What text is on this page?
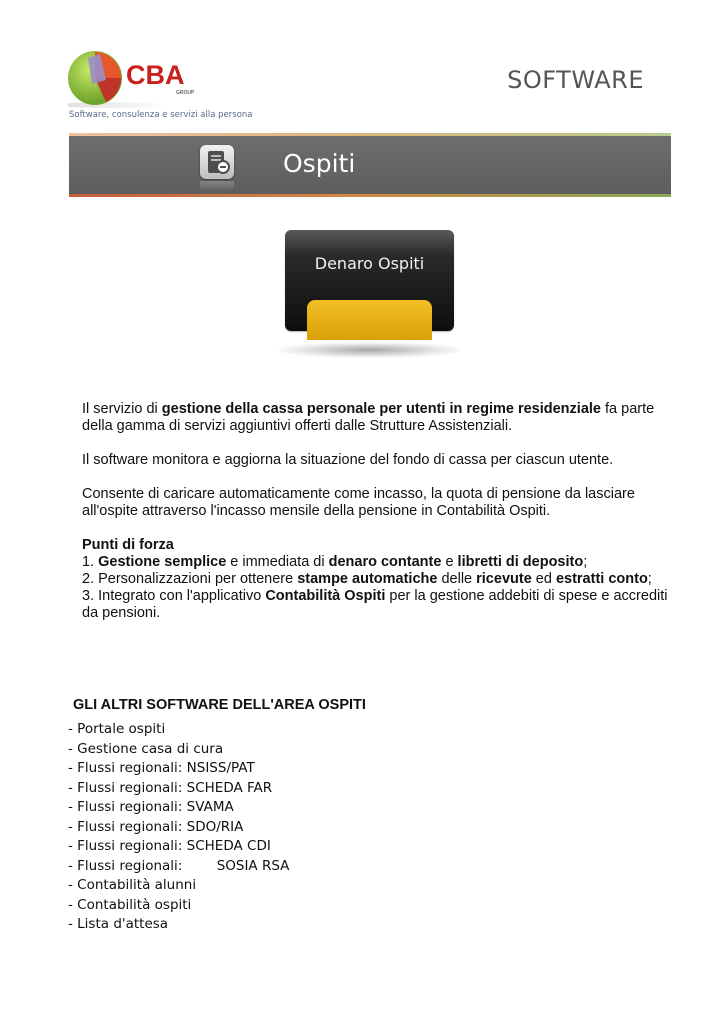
CBA
GROUP
Software, consulenza e servizi alla persona
SOFTWARE
Ospiti
Denaro Ospiti

Il servizio di gestione della cassa personale per utenti in regime residenziale fa parte della gamma di servizi aggiuntivi offerti dalle Strutture Assistenziali.

Il software monitora e aggiorna la situazione del fondo di cassa per ciascun utente.

Consente di caricare automaticamente come incasso, la quota di pensione da lasciare all'ospite attraverso l'incasso mensile della pensione in Contabilità Ospiti.

Punti di forza
1. Gestione semplice e immediata di denaro contante e libretti di deposito;
2. Personalizzazioni per ottenere stampe automatiche delle ricevute ed estratti conto;
3. Integrato con l'applicativo Contabilità Ospiti per la gestione addebiti di spese e accrediti da pensioni.
GLI ALTRI SOFTWARE DELL'AREA OSPITI
- Portale ospiti
- Gestione casa di cura
- Flussi regionali: NSISS/PAT
- Flussi regionali: SCHEDA FAR
- Flussi regionali: SVAMA
- Flussi regionali: SDO/RIA
- Flussi regionali: SCHEDA CDI
- Flussi regionali:        SOSIA RSA
- Contabilità alunni
- Contabilità ospiti
- Lista d'attesa
